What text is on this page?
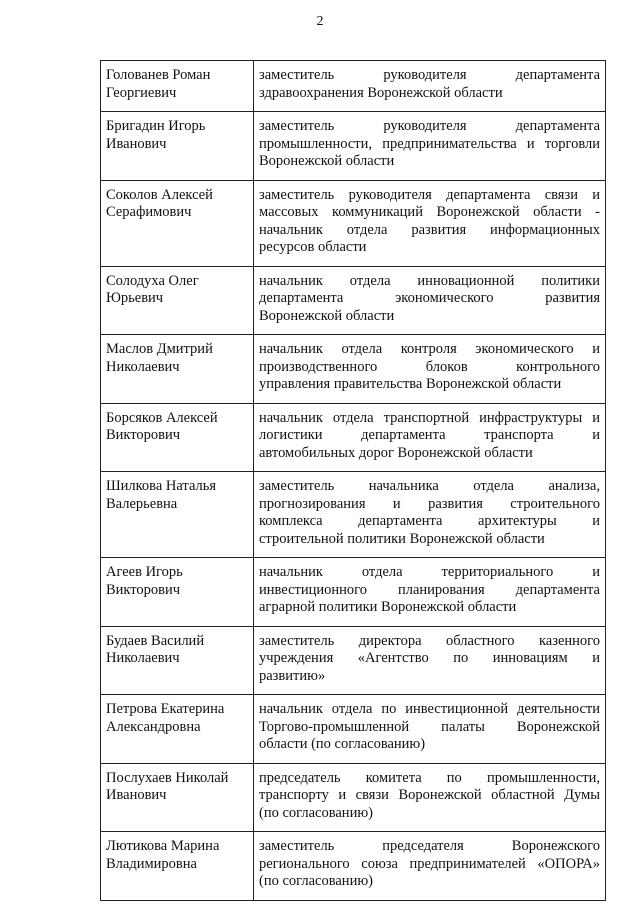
2
Голованев Роман
Георгиевич	заместитель руководителя департамента
здравоохранения Воронежской области

Бригадин Игорь
Иванович	заместитель руководителя департамента
промышленности, предпринимательства и торговли
Воронежской области

Соколов Алексей
Серафимович	заместитель руководителя департамента связи и
массовых коммуникаций Воронежской области -
начальник отдела развития информационных
ресурсов области

Солодуха Олег
Юрьевич	начальник отдела инновационной политики
департамента экономического развития
Воронежской области

Маслов Дмитрий
Николаевич	начальник отдела контроля экономического и
производственного блоков контрольного
управления правительства Воронежской области

Борсяков Алексей
Викторович	начальник отдела транспортной инфраструктуры и
логистики департамента транспорта и
автомобильных дорог Воронежской области

Шилкова Наталья
Валерьевна	заместитель начальника отдела анализа,
прогнозирования и развития строительного
комплекса департамента архитектуры и
строительной политики Воронежской области

Агеев Игорь
Викторович	начальник отдела территориального и
инвестиционного планирования департамента
аграрной политики Воронежской области

Будаев Василий
Николаевич	заместитель директора областного казенного
учреждения «Агентство по инновациям и
развитию»

Петрова Екатерина
Александровна	начальник отдела по инвестиционной деятельности
Торгово-промышленной палаты Воронежской
области (по согласованию)

Послухаев Николай
Иванович	председатель комитета по промышленности,
транспорту и связи Воронежской областной Думы
(по согласованию)

Лютикова Марина
Владимировна	заместитель председателя Воронежского
регионального союза предпринимателей «ОПОРА»
(по согласованию)
